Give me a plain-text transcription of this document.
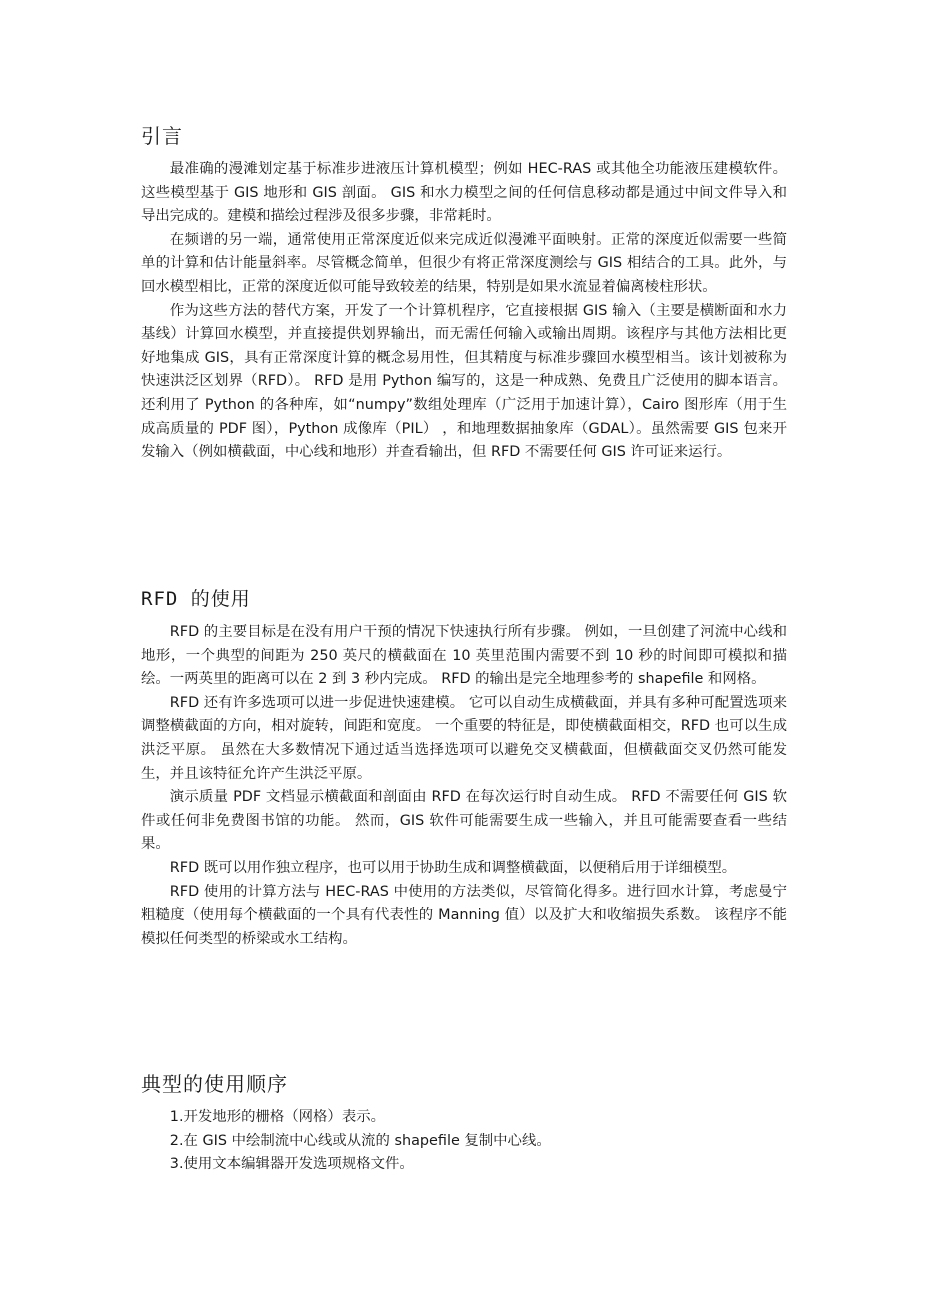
引言

最准确的漫滩划定基于标准步进液压计算机模型；例如 HEC-RAS 或其他全功能液压建模软件。这些模型基于 GIS 地形和 GIS 剖面。 GIS 和水力模型之间的任何信息移动都是通过中间文件导入和导出完成的。建模和描绘过程涉及很多步骤，非常耗时。

在频谱的另一端，通常使用正常深度近似来完成近似漫滩平面映射。正常的深度近似需要一些简单的计算和估计能量斜率。尽管概念简单，但很少有将正常深度测绘与 GIS 相结合的工具。此外，与回水模型相比，正常的深度近似可能导致较差的结果，特别是如果水流显着偏离棱柱形状。

作为这些方法的替代方案，开发了一个计算机程序，它直接根据 GIS 输入（主要是横断面和水力基线）计算回水模型，并直接提供划界输出，而无需任何输入或输出周期。该程序与其他方法相比更好地集成 GIS，具有正常深度计算的概念易用性，但其精度与标准步骤回水模型相当。该计划被称为快速洪泛区划界（RFD）。 RFD 是用 Python 编写的，这是一种成熟、免费且广泛使用的脚本语言。还利用了 Python 的各种库，如“numpy”数组处理库（广泛用于加速计算），Cairo 图形库（用于生成高质量的 PDF 图），Python 成像库（PIL） ，和地理数据抽象库（GDAL）。虽然需要 GIS 包来开发输入（例如横截面，中心线和地形）并查看输出，但 RFD 不需要任何 GIS 许可证来运行。

RFD 的使用

RFD 的主要目标是在没有用户干预的情况下快速执行所有步骤。 例如，一旦创建了河流中心线和地形，一个典型的间距为 250 英尺的横截面在 10 英里范围内需要不到 10 秒的时间即可模拟和描绘。一两英里的距离可以在 2 到 3 秒内完成。 RFD 的输出是完全地理参考的 shapefile 和网格。

RFD 还有许多选项可以进一步促进快速建模。 它可以自动生成横截面，并具有多种可配置选项来调整横截面的方向，相对旋转，间距和宽度。 一个重要的特征是，即使横截面相交，RFD 也可以生成洪泛平原。 虽然在大多数情况下通过适当选择选项可以避免交叉横截面，但横截面交叉仍然可能发生，并且该特征允许产生洪泛平原。

演示质量 PDF 文档显示横截面和剖面由 RFD 在每次运行时自动生成。 RFD 不需要任何 GIS 软件或任何非免费图书馆的功能。 然而，GIS 软件可能需要生成一些输入，并且可能需要查看一些结果。

RFD 既可以用作独立程序，也可以用于协助生成和调整横截面，以便稍后用于详细模型。

RFD 使用的计算方法与 HEC-RAS 中使用的方法类似，尽管简化得多。进行回水计算，考虑曼宁粗糙度（使用每个横截面的一个具有代表性的 Manning 值）以及扩大和收缩损失系数。 该程序不能模拟任何类型的桥梁或水工结构。

典型的使用顺序
1.开发地形的栅格（网格）表示。
2.在 GIS 中绘制流中心线或从流的 shapefile 复制中心线。
3.使用文本编辑器开发选项规格文件。
